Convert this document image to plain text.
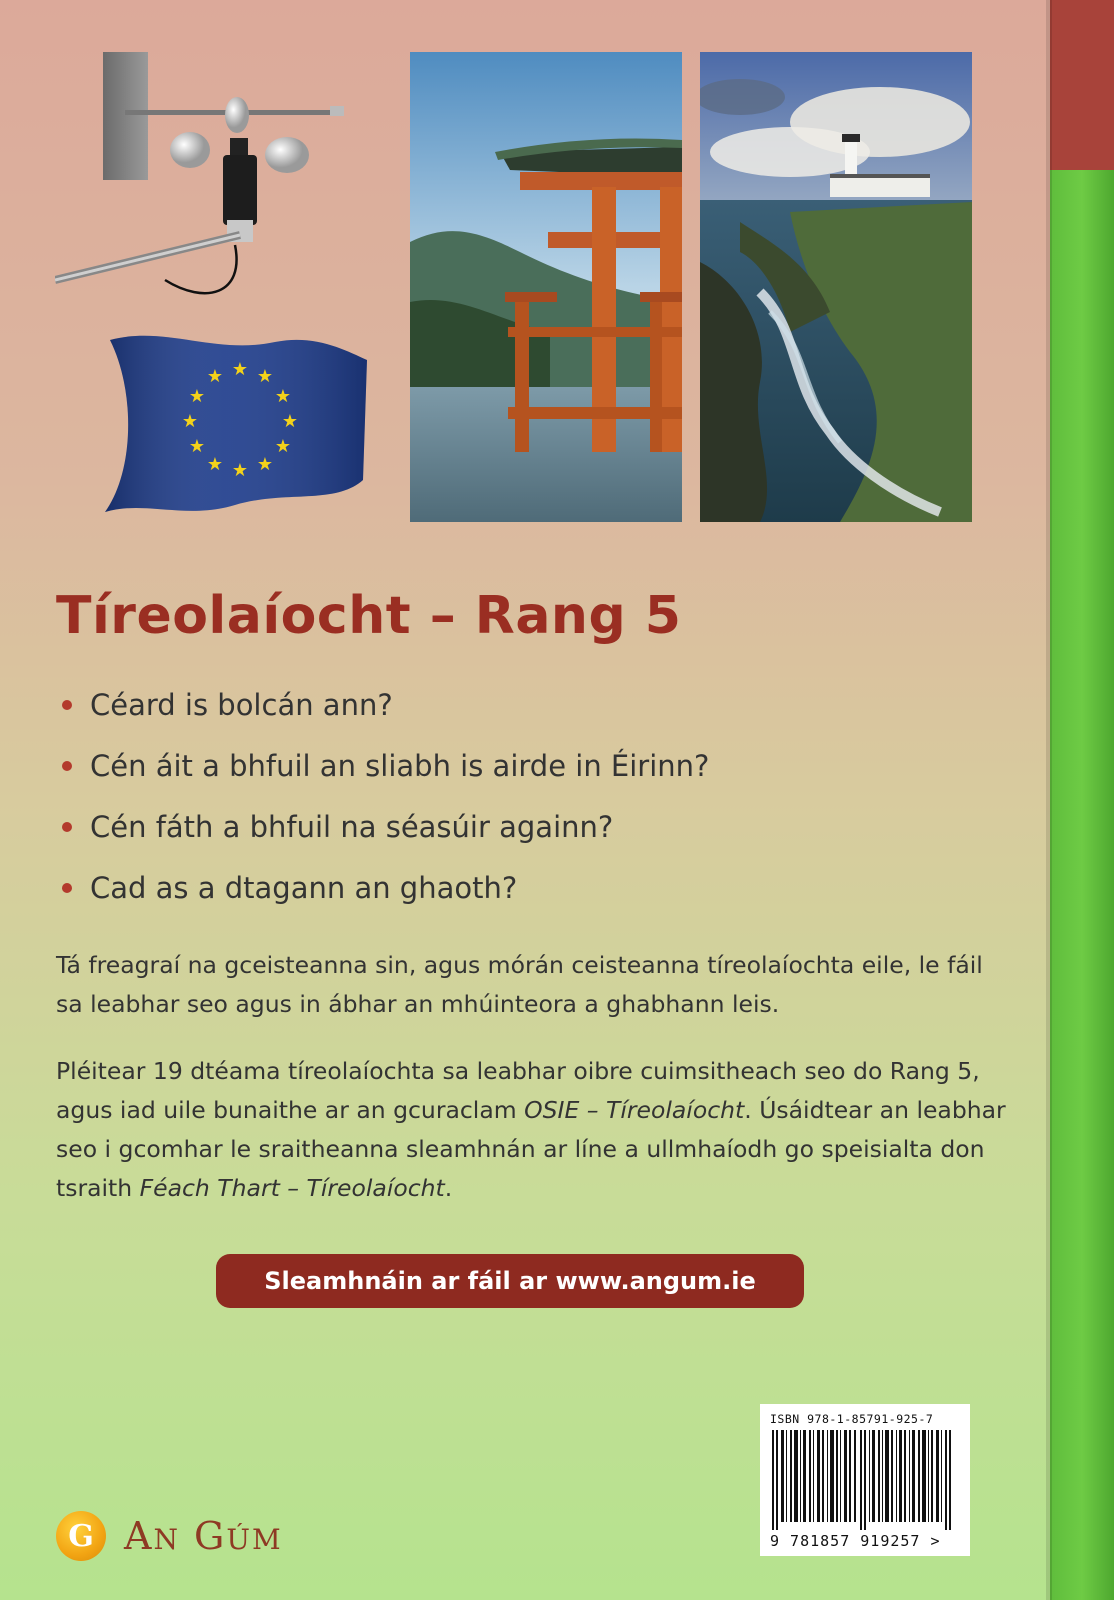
★ ★
★
★
★
★
★
★
★
★
★
★
Tíreolaíocht – Rang 5
Céard is bolcán ann?
Cén áit a bhfuil an sliabh is airde in Éirinn?
Cén fáth a bhfuil na séasúir againn?
Cad as a dtagann an ghaoth?

Tá freagraí na gceisteanna sin, agus mórán ceisteanna tíreolaíochta eile, le fáil sa leabhar seo agus in ábhar an mhúinteora a ghabhann leis.

Pléitear 19 dtéama tíreolaíochta sa leabhar oibre cuimsitheach seo do Rang 5, agus iad uile bunaithe ar an gcuraclam OSIE – Tíreolaíocht. Úsáidtear an leabhar seo i gcomhar le sraitheanna sleamhnán ar líne a ullmhaíodh go speisialta don tsraith Féach Thart – Tíreolaíocht.

Sleamhnáin ar fáil ar www.angum.ie
ISBN 978-1-85791-925-7
9 781857 919257 >
G AN GÚM
